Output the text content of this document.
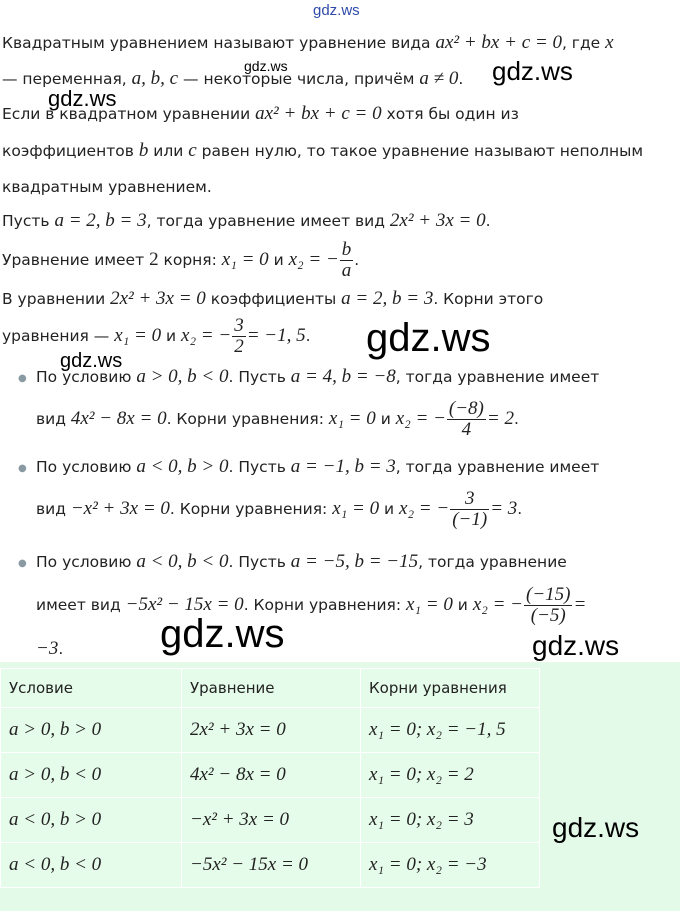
gdz.ws
gdz.ws	gdz.ws
gdz.ws
gdz.ws
gdz.ws
gdz.ws	gdz.ws
Квадратным уравнением называют уравнение вида ax² + bx + c = 0, где x
— переменная, a, b, c — некоторые числа, причём a ≠ 0.
Если в квадратном уравнении ax² + bx + c = 0 хотя бы один из
коэффициентов b или c равен нулю, то такое уравнение называют неполным
квадратным уравнением.
Пусть a = 2, b = 3, тогда уравнение имеет вид 2x² + 3x = 0.
Уравнение имеет 2 корня: x₁ = 0 и x₂ = − $\frac{b}{a}$ .
В уравнении 2x² + 3x = 0 коэффициенты a = 2, b = 3. Корни этого
уравнения — x₁ = 0 и x₂ = − $\frac{3}{2} = -1$, 5.
● По условию a > 0, b < 0. Пусть a = 4, b = −8, тогда уравнение имеет
вид 4x² − 8x = 0. Корни уравнения: x₁ = 0 и x₂ = − $\frac{(-8)}{4} = 2$.
● По условию a < 0, b > 0. Пусть a = −1, b = 3, тогда уравнение имеет
вид −x² + 3x = 0. Корни уравнения: x₁ = 0 и x₂ = − $\frac{3}{(-1)} = 3$.
● По условию a < 0, b < 0. Пусть a = −5, b = −15, тогда уравнение
имеет вид −5x² − 15x = 0. Корни уравнения: x₁ = 0 и x₂ = − $\frac{(-15)}{(-5)}$ =
−3.
Условие	Уравнение	Корни уравнения
a > 0, b > 0	2x² + 3x = 0	x₁ = 0; x₂ = −1, 5
a > 0, b < 0	4x² − 8x = 0	x₁ = 0; x₂ = 2
a < 0, b > 0	−x² + 3x = 0	x₁ = 0; x₂ = 3
a < 0, b < 0	−5x² − 15x = 0	x₁ = 0; x₂ = −3
gdz.ws
